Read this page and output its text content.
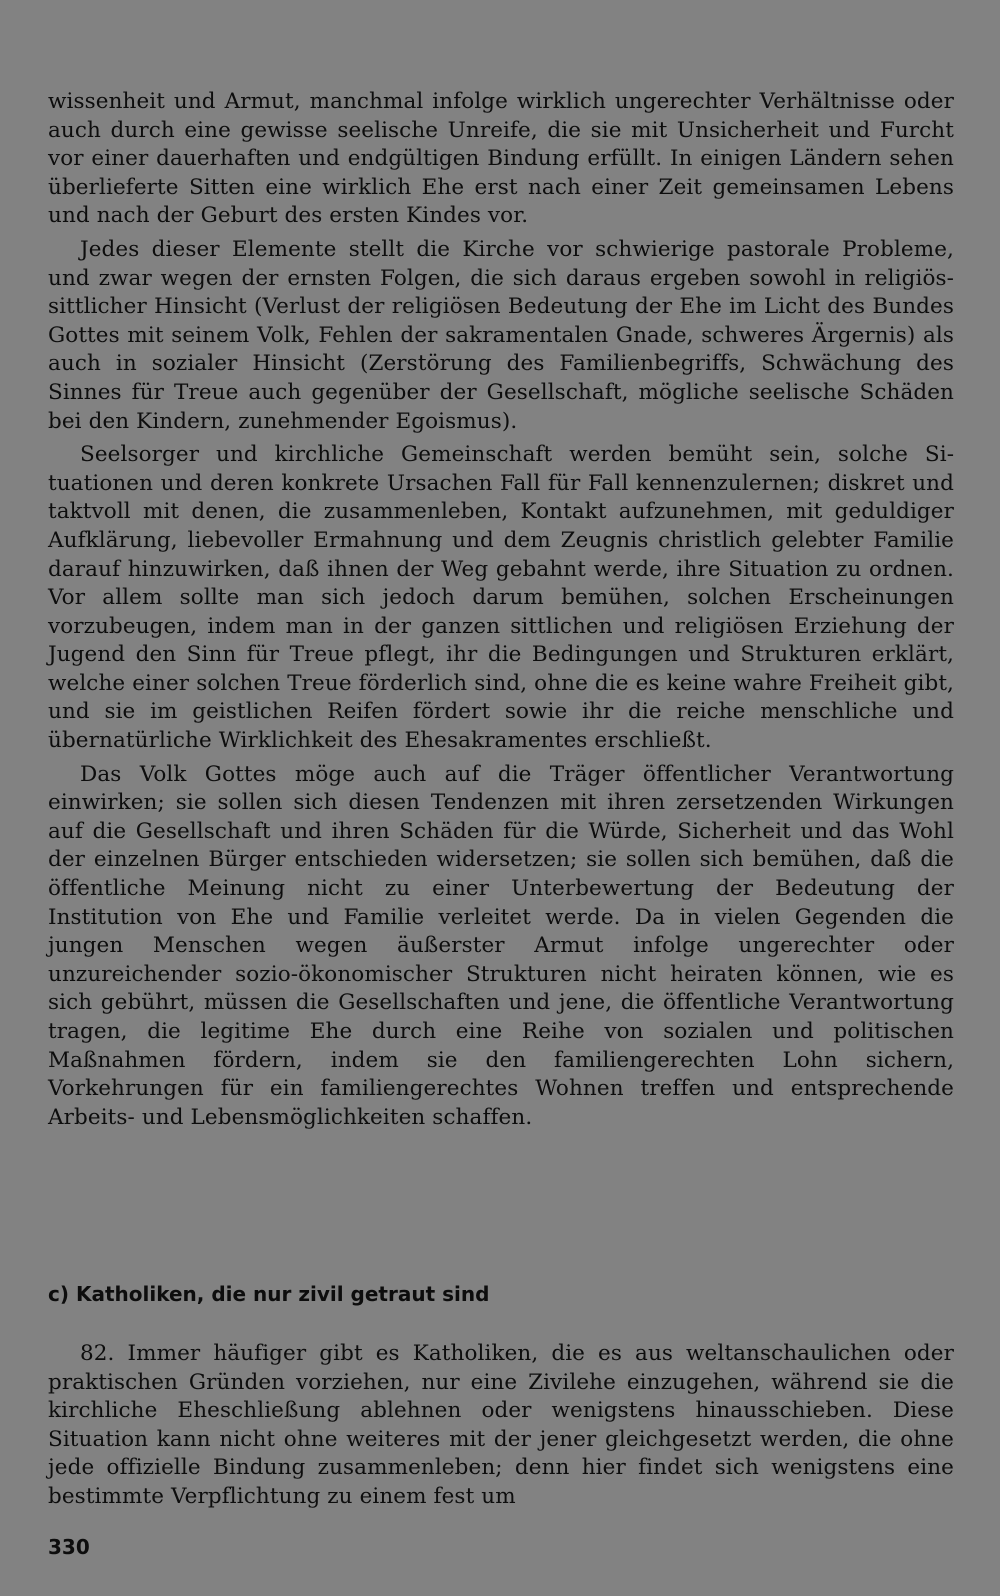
wissenheit und Armut, manchmal infolge wirklich ungerechter Verhältnisse oder auch durch eine gewisse seelische Unreife, die sie mit Unsicherheit und Furcht vor einer dauerhaften und endgültigen Bindung erfüllt. In einigen Ländern sehen überlieferte Sitten eine wirklich Ehe erst nach einer Zeit gemeinsamen Lebens und nach der Geburt des ersten Kindes vor.

Jedes dieser Elemente stellt die Kirche vor schwierige pastorale Probleme, und zwar wegen der ernsten Folgen, die sich daraus ergeben sowohl in religiös-sittlicher Hinsicht (Verlust der religiösen Bedeutung der Ehe im Licht des Bundes Gottes mit seinem Volk, Fehlen der sakramentalen Gnade, schweres Ärgernis) als auch in sozialer Hinsicht (Zerstörung des Familienbegriffs, Schwächung des Sinnes für Treue auch gegenüber der Gesellschaft, mögliche seelische Schäden bei den Kindern, zunehmender Egoismus).

Seelsorger und kirchliche Gemeinschaft werden bemüht sein, solche Situationen und deren konkrete Ursachen Fall für Fall kennenzulernen; diskret und taktvoll mit denen, die zusammenleben, Kontakt aufzunehmen, mit geduldiger Aufklärung, liebevoller Ermahnung und dem Zeugnis christlich gelebter Familie darauf hinzuwirken, daß ihnen der Weg gebahnt werde, ihre Situation zu ordnen. Vor allem sollte man sich jedoch darum bemühen, solchen Erscheinungen vorzubeugen, indem man in der ganzen sittlichen und religiösen Erziehung der Jugend den Sinn für Treue pflegt, ihr die Bedingungen und Strukturen erklärt, welche einer solchen Treue förderlich sind, ohne die es keine wahre Freiheit gibt, und sie im geistlichen Reifen fördert sowie ihr die reiche menschliche und übernatürliche Wirklichkeit des Ehesakramentes erschließt.

Das Volk Gottes möge auch auf die Träger öffentlicher Verantwortung einwirken; sie sollen sich diesen Tendenzen mit ihren zersetzenden Wirkungen auf die Gesellschaft und ihren Schäden für die Würde, Sicherheit und das Wohl der einzelnen Bürger entschieden widersetzen; sie sollen sich bemühen, daß die öffentliche Meinung nicht zu einer Unterbewertung der Bedeutung der Institution von Ehe und Familie verleitet werde. Da in vielen Gegenden die jungen Menschen wegen äußerster Armut infolge ungerechter oder unzureichender sozio-ökonomischer Strukturen nicht heiraten können, wie es sich gebührt, müssen die Gesellschaften und jene, die öffentliche Verantwortung tragen, die legitime Ehe durch eine Reihe von sozialen und politischen Maßnahmen fördern, indem sie den familiengerechten Lohn sichern, Vorkehrungen für ein familiengerechtes Wohnen treffen und entsprechende Arbeits- und Lebensmöglichkeiten schaffen.

c) Katholiken, die nur zivil getraut sind

82. Immer häufiger gibt es Katholiken, die es aus weltanschaulichen oder praktischen Gründen vorziehen, nur eine Zivilehe einzugehen, während sie die kirchliche Eheschließung ablehnen oder wenigstens hinausschieben. Diese Situation kann nicht ohne weiteres mit der jener gleichgesetzt werden, die ohne jede offizielle Bindung zusammenleben; denn hier findet sich wenigstens eine bestimmte Verpflichtung zu einem fest um

330
